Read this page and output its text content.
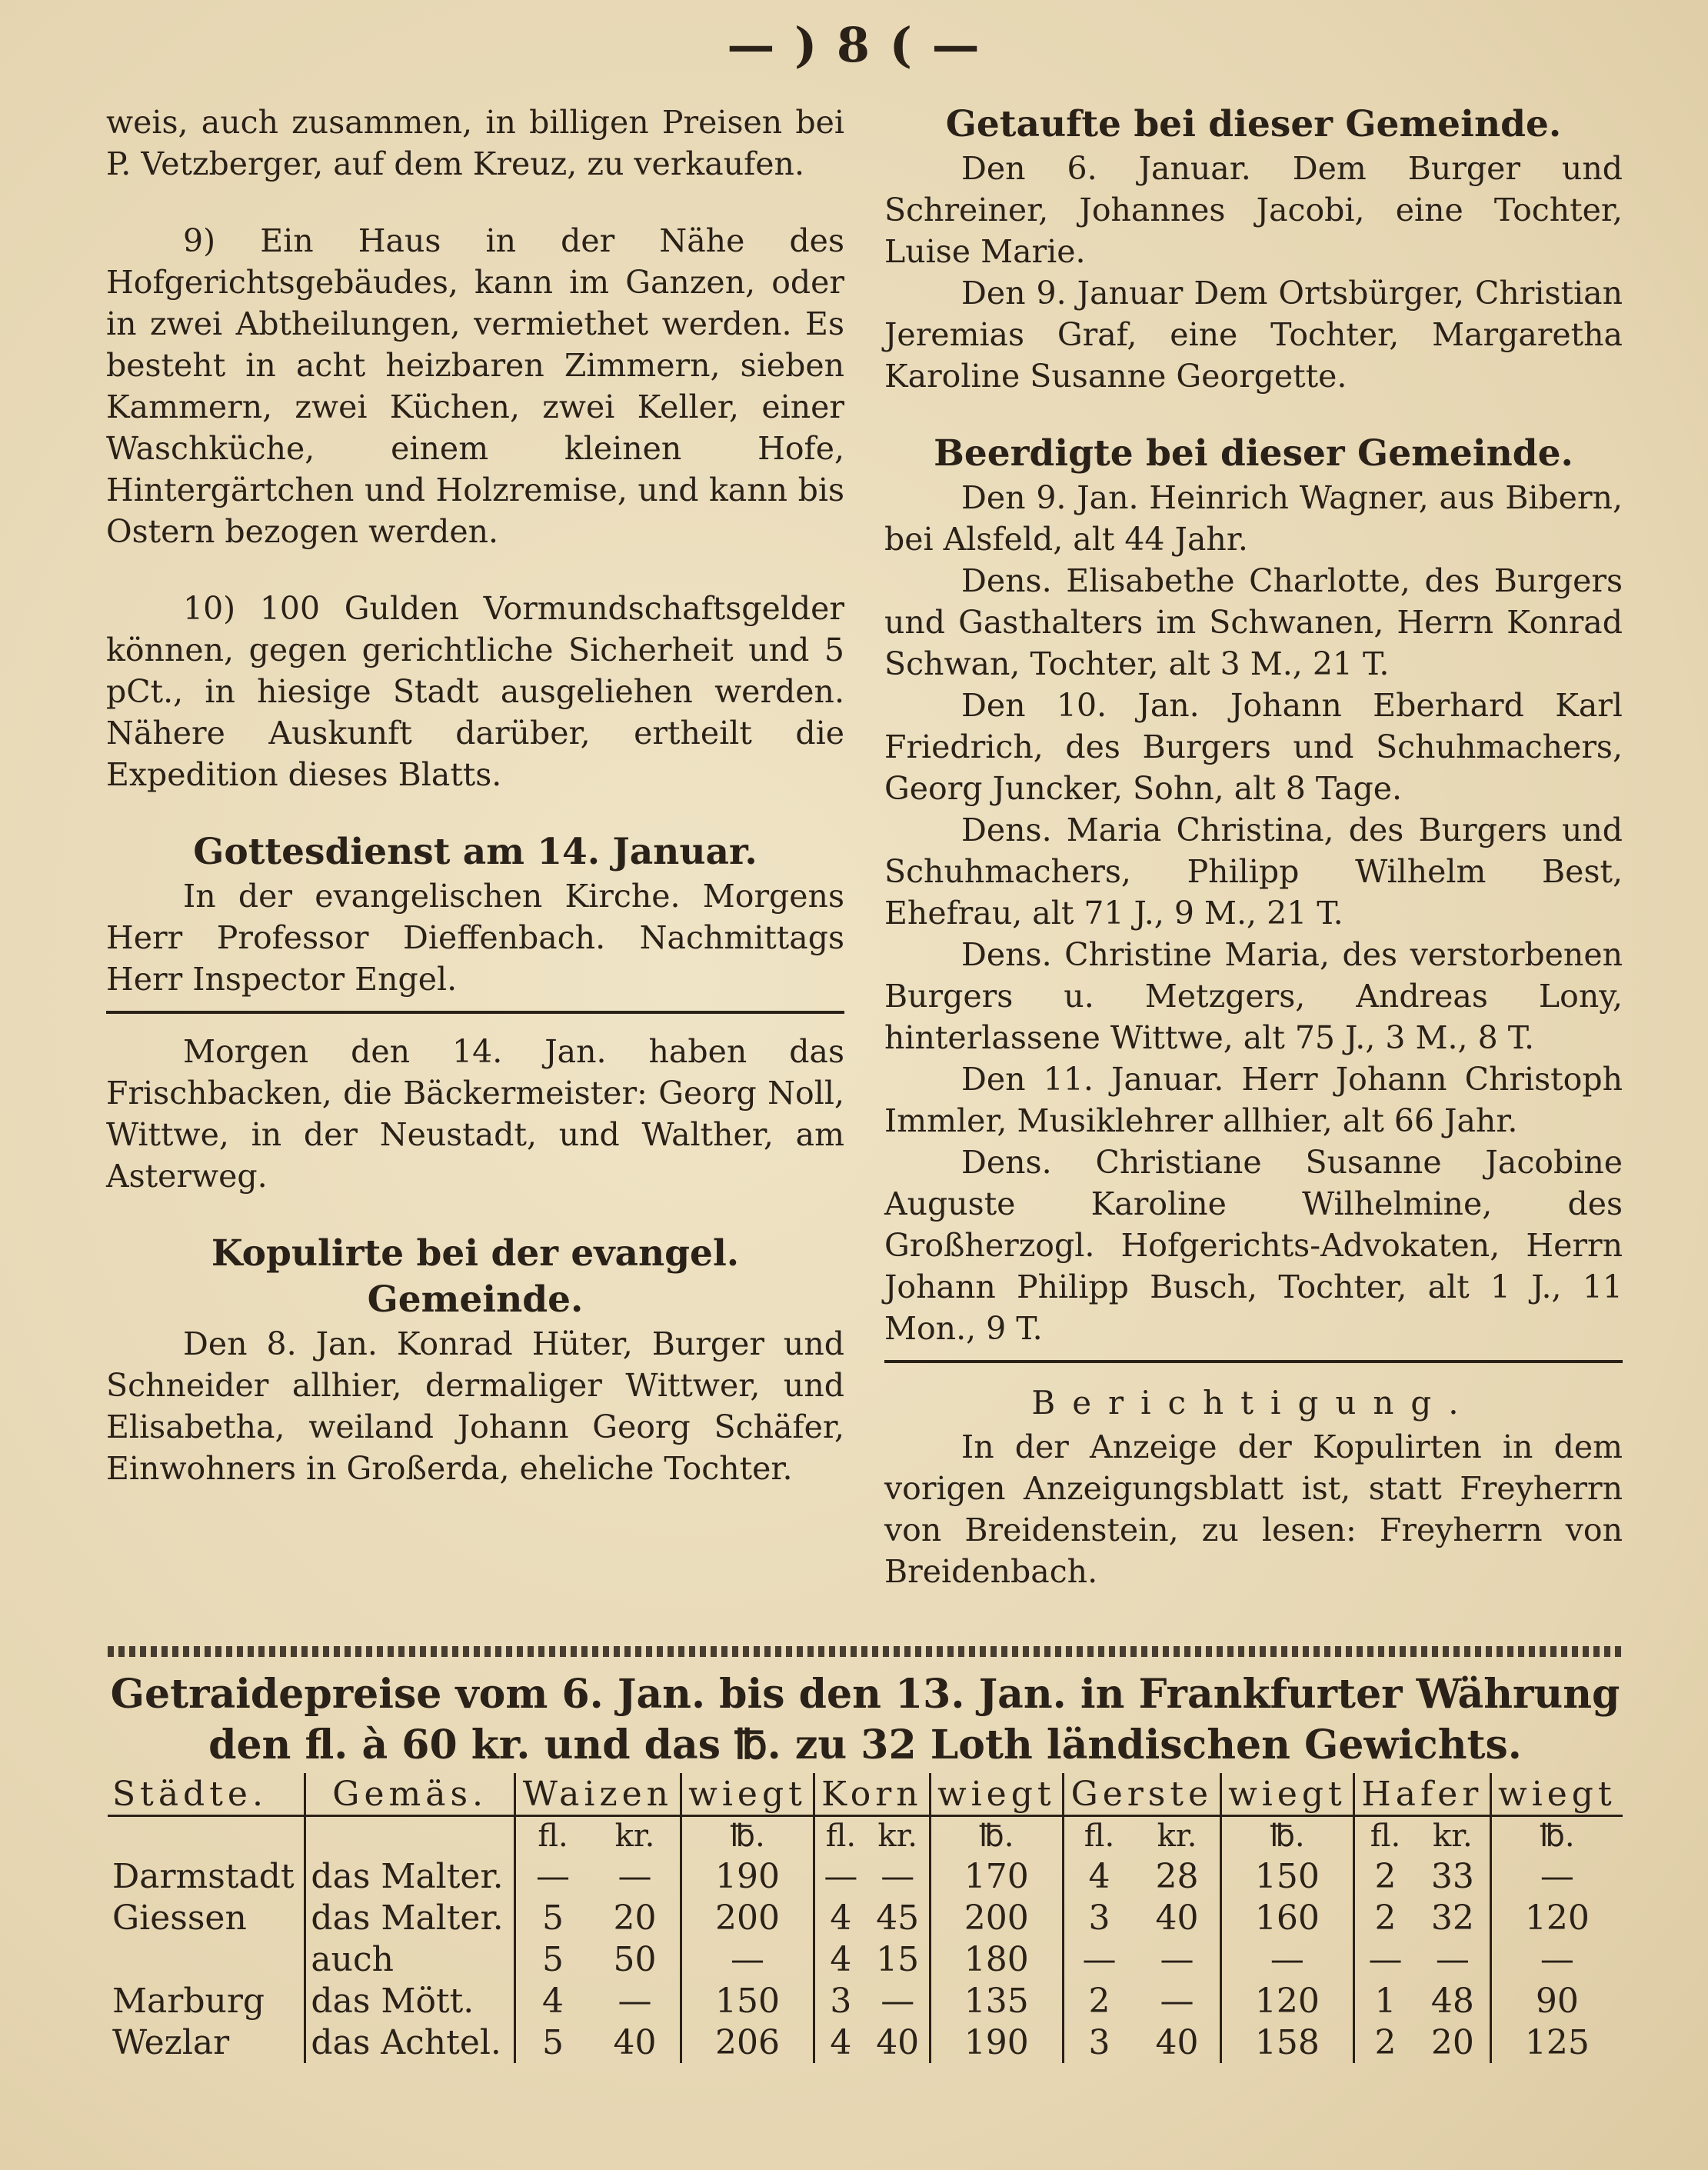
— ) 8 ( —

weis, auch zusammen, in billigen Preisen bei P. Vetzberger, auf dem Kreuz, zu verkaufen.

9) Ein Haus in der Nähe des Hofgerichtsgebäudes, kann im Ganzen, oder in zwei Abtheilungen, vermiethet werden. Es besteht in acht heizbaren Zimmern, sieben Kammern, zwei Küchen, zwei Keller, einer Waschküche, einem kleinen Hofe, Hintergärtchen und Holzremise, und kann bis Ostern bezogen werden.

10) 100 Gulden Vormundschaftsgelder können, gegen gerichtliche Sicherheit und 5 pCt., in hiesige Stadt ausgeliehen werden. Nähere Auskunft darüber, ertheilt die Expedition dieses Blatts.

Gottesdienst am 14. Januar.

In der evangelischen Kirche. Morgens Herr Professor Dieffenbach. Nachmittags Herr Inspector Engel.

Morgen den 14. Jan. haben das Frischbacken, die Bäckermeister: Georg Noll, Wittwe, in der Neustadt, und Walther, am Asterweg.

Kopulirte bei der evangel. Gemeinde.

Den 8. Jan. Konrad Hüter, Burger und Schneider allhier, dermaliger Wittwer, und Elisabetha, weiland Johann Georg Schäfer, Einwohners in Großerda, eheliche Tochter.

Getaufte bei dieser Gemeinde.

Den 6. Januar. Dem Burger und Schreiner, Johannes Jacobi, eine Tochter, Luise Marie.

Den 9. Januar Dem Ortsbürger, Christian Jeremias Graf, eine Tochter, Margaretha Karoline Susanne Georgette.

Beerdigte bei dieser Gemeinde.

Den 9. Jan. Heinrich Wagner, aus Bibern, bei Alsfeld, alt 44 Jahr.

Dens. Elisabethe Charlotte, des Burgers und Gasthalters im Schwanen, Herrn Konrad Schwan, Tochter, alt 3 M., 21 T.

Den 10. Jan. Johann Eberhard Karl Friedrich, des Burgers und Schuhmachers, Georg Juncker, Sohn, alt 8 Tage.

Dens. Maria Christina, des Burgers und Schuhmachers, Philipp Wilhelm Best, Ehefrau, alt 71 J., 9 M., 21 T.

Dens. Christine Maria, des verstorbenen Burgers u. Metzgers, Andreas Lony, hinterlassene Wittwe, alt 75 J., 3 M., 8 T.

Den 11. Januar. Herr Johann Christoph Immler, Musiklehrer allhier, alt 66 Jahr.

Dens. Christiane Susanne Jacobine Auguste Karoline Wilhelmine, des Großherzogl. Hofgerichts-Advokaten, Herrn Johann Philipp Busch, Tochter, alt 1 J., 11 Mon., 9 T.

Berichtigung.

In der Anzeige der Kopulirten in dem vorigen Anzeigungsblatt ist, statt Freyherrn von Breidenstein, zu lesen: Freyherrn von Breidenbach.

Getraidepreise vom 6. Jan. bis den 13. Jan. in Frankfurter Währung
den fl. à 60 kr. und das ℔. zu 32 Loth ländischen Gewichts.
Städte.	Gemäs.	Waizen		wiegt	Korn		wiegt	Gerste		wiegt	Hafer		wiegt
		fl.	kr.	℔.	fl.	kr.	℔.	fl.	kr.	℔.	fl.	kr.	℔.
Darmstadt	das Malter.	—	—	190	—	—	170	4	28	150	2	33	—
Giessen	das Malter.	5	20	200	4	45	200	3	40	160	2	32	120
	auch	5	50	—	4	15	180	—	—	—	—	—	—
Marburg	das Mött.	4	—	150	3	—	135	2	—	120	1	48	90
Wezlar	das Achtel.	5	40	206	4	40	190	3	40	158	2	20	125
